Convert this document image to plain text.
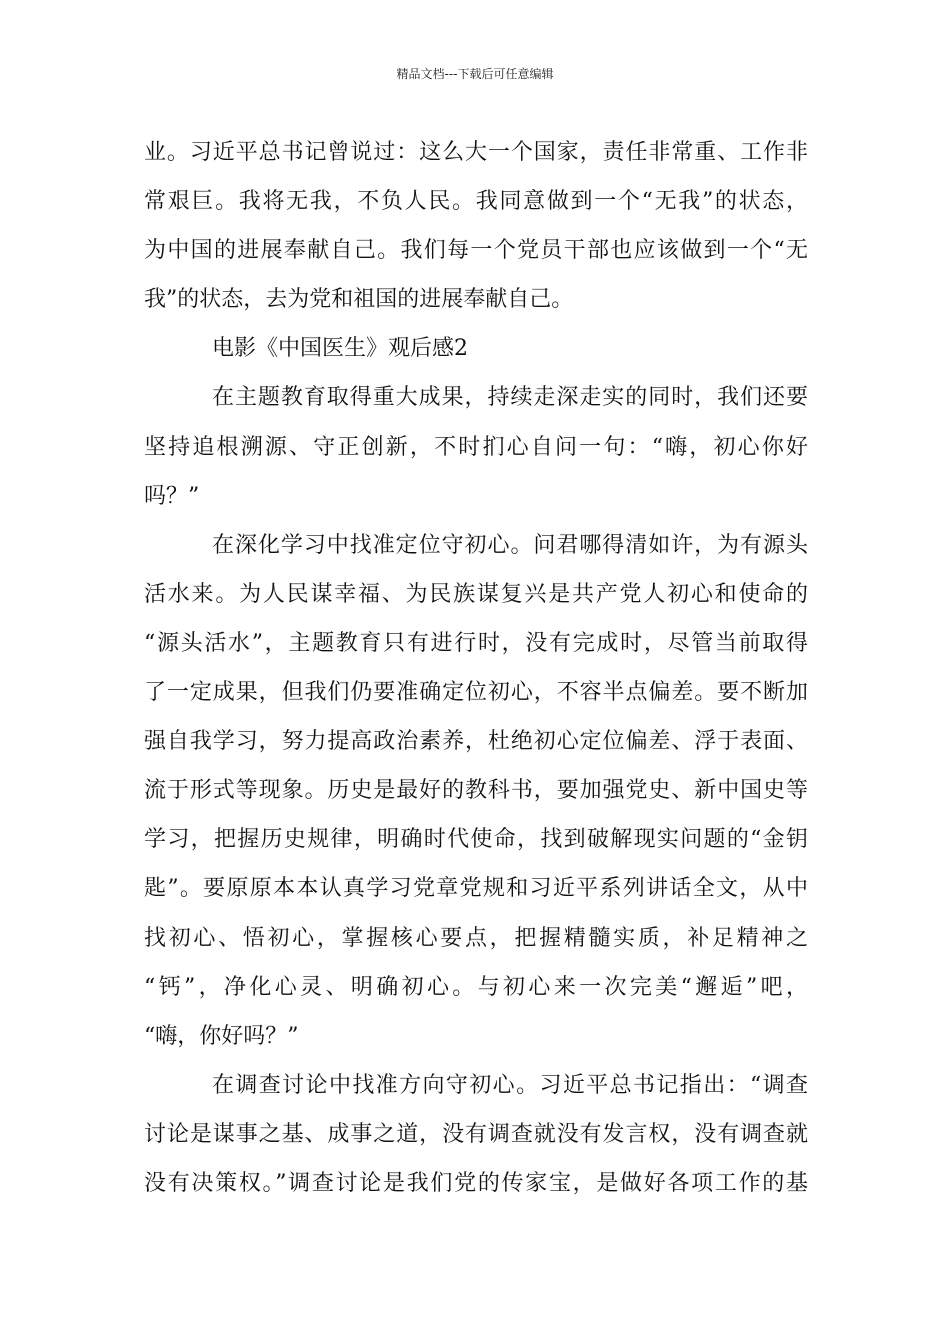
精品文档---下载后可任意编辑
业。习近平总书记曾说过：这么大一个国家，责任非常重、工作非
常艰巨。我将无我，不负人民。我同意做到一个“无我”的状态，
为中国的进展奉献自己。我们每一个党员干部也应该做到一个“无
我”的状态，去为党和祖国的进展奉献自己。
电影《中国医生》观后感2
在主题教育取得重大成果，持续走深走实的同时，我们还要
坚持追根溯源、守正创新，不时扪心自问一句：“嗨，初心你好
吗？”
在深化学习中找准定位守初心。问君哪得清如许，为有源头
活水来。为人民谋幸福、为民族谋复兴是共产党人初心和使命的
“源头活水”，主题教育只有进行时，没有完成时，尽管当前取得
了一定成果，但我们仍要准确定位初心，不容半点偏差。要不断加
强自我学习，努力提高政治素养，杜绝初心定位偏差、浮于表面、
流于形式等现象。历史是最好的教科书，要加强党史、新中国史等
学习，把握历史规律，明确时代使命，找到破解现实问题的“金钥
匙”。要原原本本认真学习党章党规和习近平系列讲话全文，从中
找初心、悟初心，掌握核心要点，把握精髓实质，补足精神之
“钙”，净化心灵、明确初心。与初心来一次完美“邂逅”吧，
“嗨，你好吗？”
在调查讨论中找准方向守初心。习近平总书记指出：“调查
讨论是谋事之基、成事之道，没有调查就没有发言权，没有调查就
没有决策权。”调查讨论是我们党的传家宝，是做好各项工作的基
